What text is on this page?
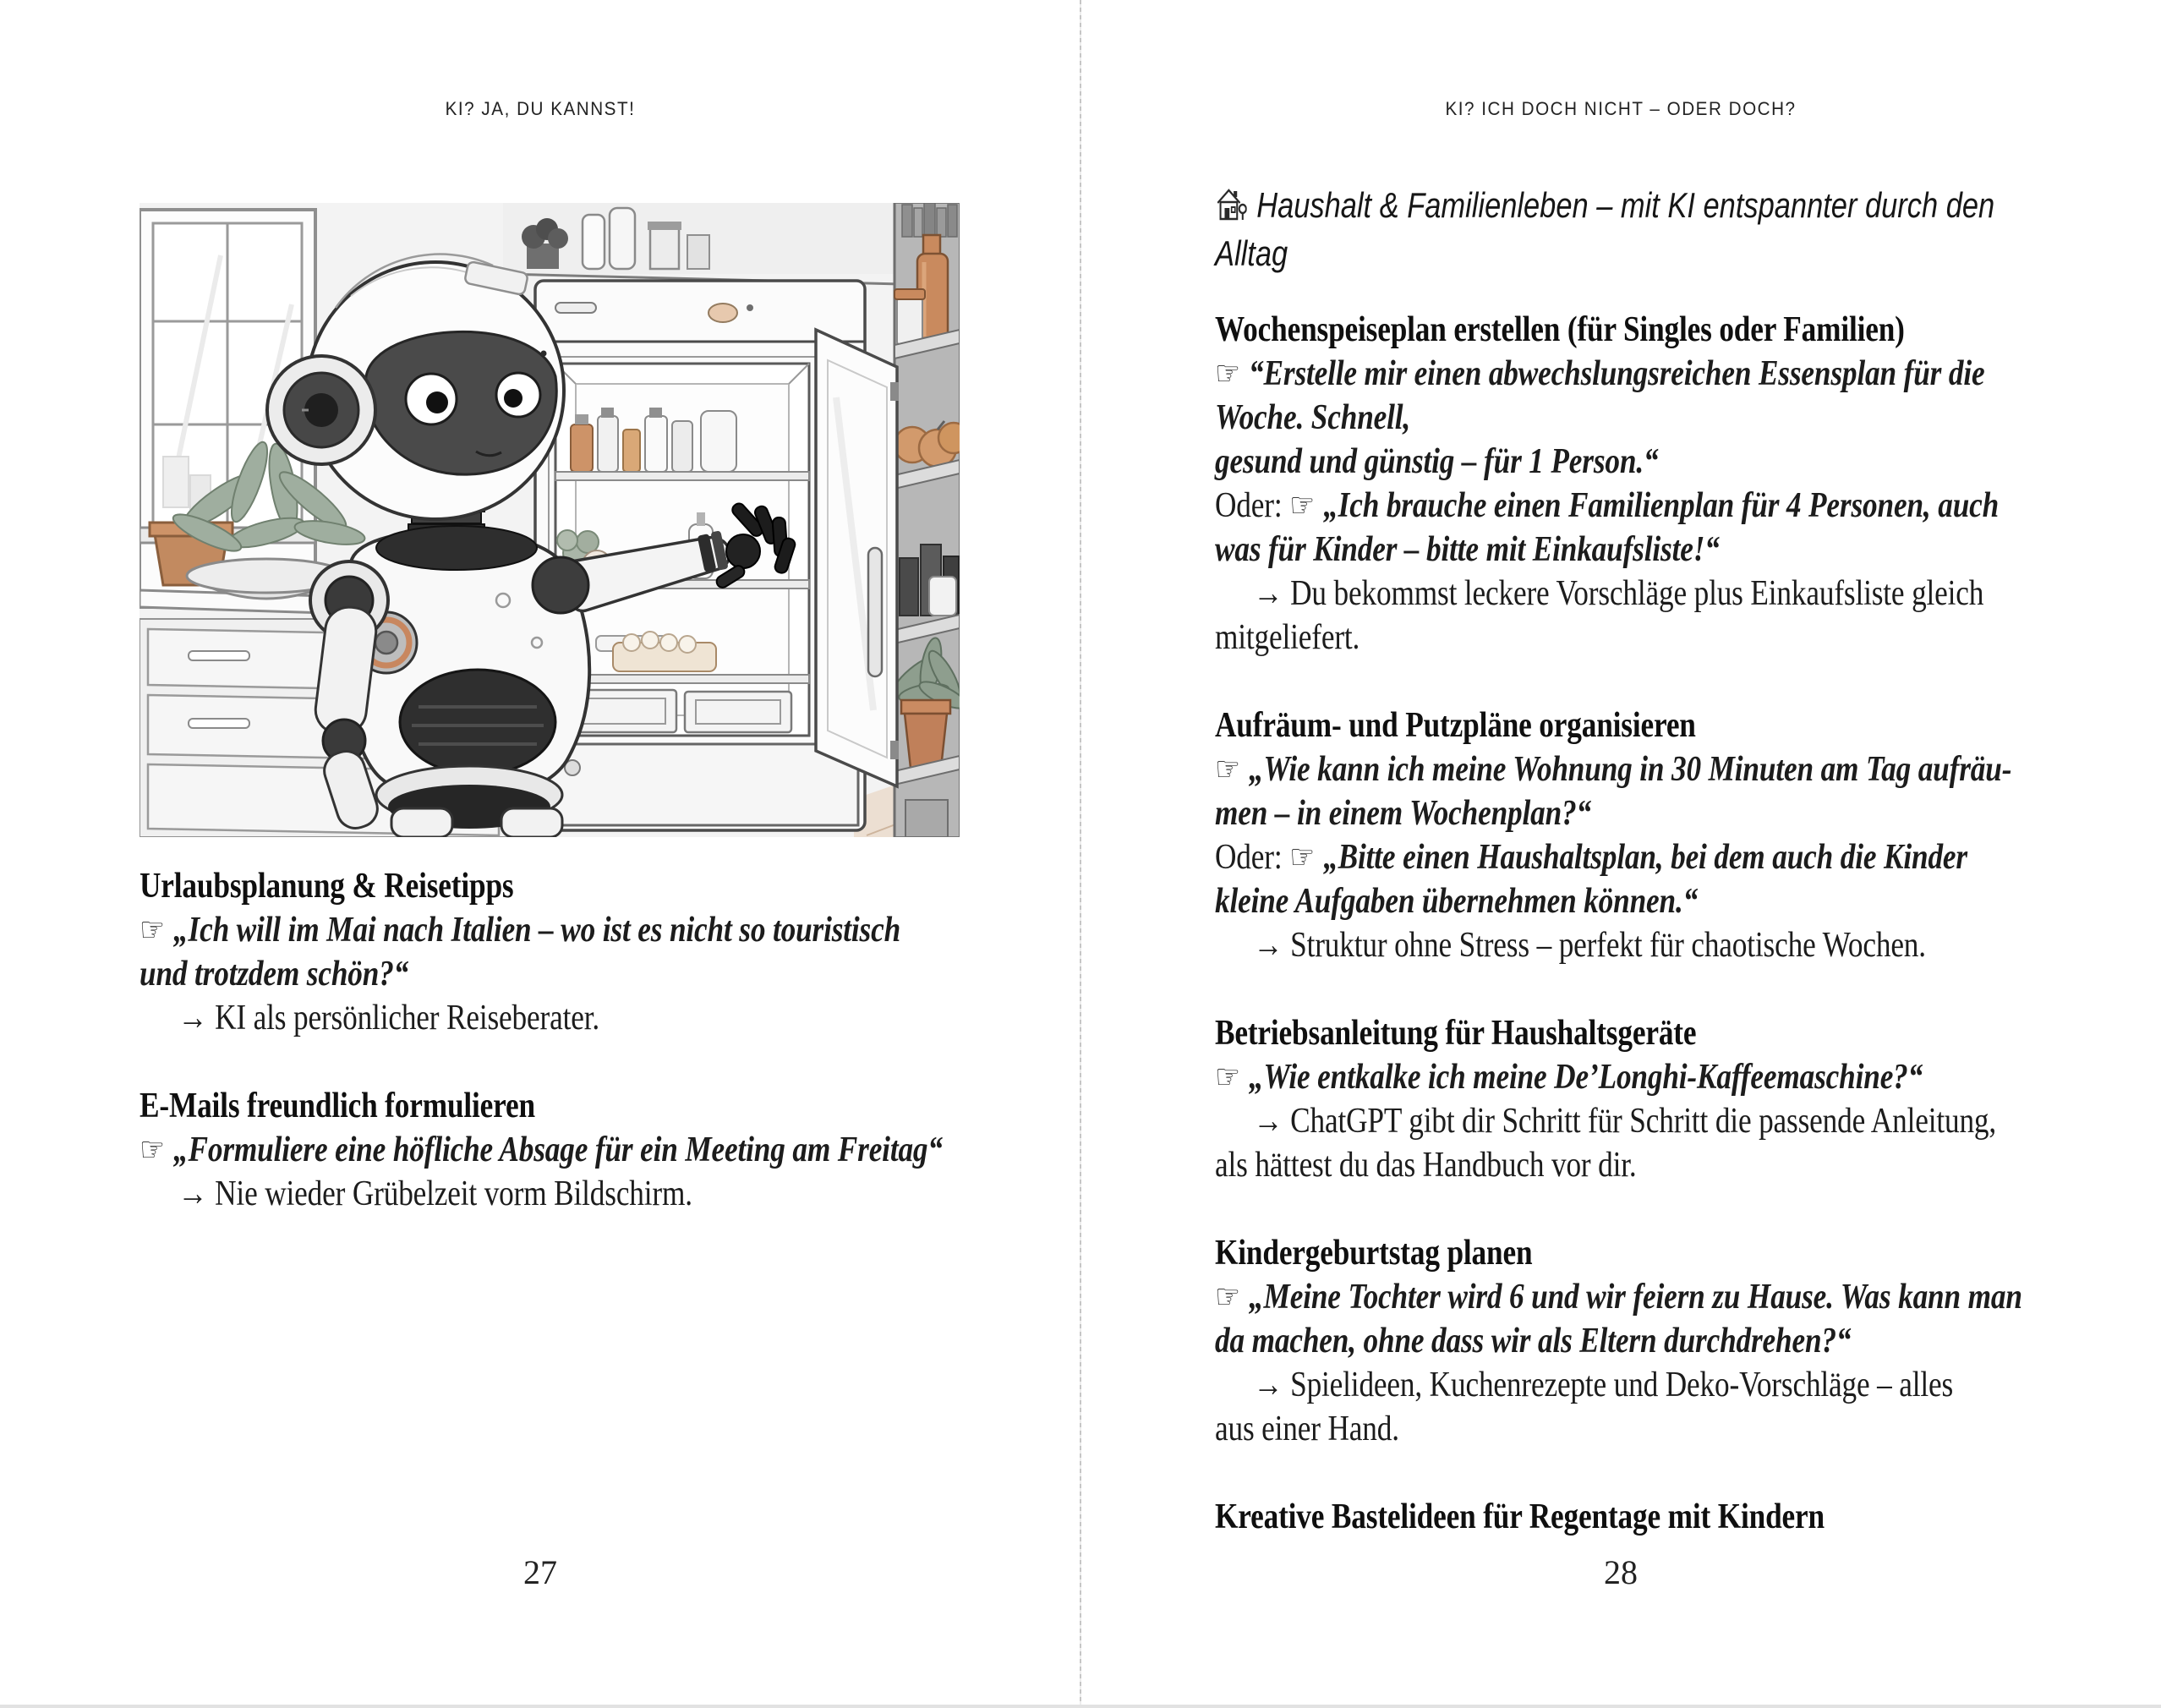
KI? JA, DU KANNST!
Urlaubsplanung & Reisetipps
☞ „Ich will im Mai nach Italien – wo ist es nicht so touristisch
und trotzdem schön?“
→ KI als persönlicher Reiseberater.
E-Mails freundlich formulieren
☞ „Formuliere eine höfliche Absage für ein Meeting am Freitag“
→ Nie wieder Grübelzeit vorm Bildschirm.
27
KI? ICH DOCH NICHT – ODER DOCH?
Haushalt & Familienleben – mit KI entspannter durch den
Alltag
Wochenspeiseplan erstellen (für Singles oder Familien)
☞ “Erstelle mir einen abwechslungsreichen Essensplan für die
Woche. Schnell,
gesund und günstig – für 1 Person.“
Oder: ☞ „Ich brauche einen Familienplan für 4 Personen, auch
was für Kinder – bitte mit Einkaufsliste!“
→ Du bekommst leckere Vorschläge plus Einkaufsliste gleich
mitgeliefert.
Aufräum- und Putzpläne organisieren
☞ „Wie kann ich meine Wohnung in 30 Minuten am Tag aufräu-
men – in einem Wochenplan?“
Oder: ☞ „Bitte einen Haushaltsplan, bei dem auch die Kinder
kleine Aufgaben übernehmen können.“
→ Struktur ohne Stress – perfekt für chaotische Wochen.
Betriebsanleitung für Haushaltsgeräte
☞ „Wie entkalke ich meine De’Longhi-Kaffeemaschine?“
→ ChatGPT gibt dir Schritt für Schritt die passende Anleitung,
als hättest du das Handbuch vor dir.
Kindergeburtstag planen
☞ „Meine Tochter wird 6 und wir feiern zu Hause. Was kann man
da machen, ohne dass wir als Eltern durchdrehen?“
→ Spielideen, Kuchenrezepte und Deko-Vorschläge – alles
aus einer Hand.
Kreative Bastelideen für Regentage mit Kindern
28
